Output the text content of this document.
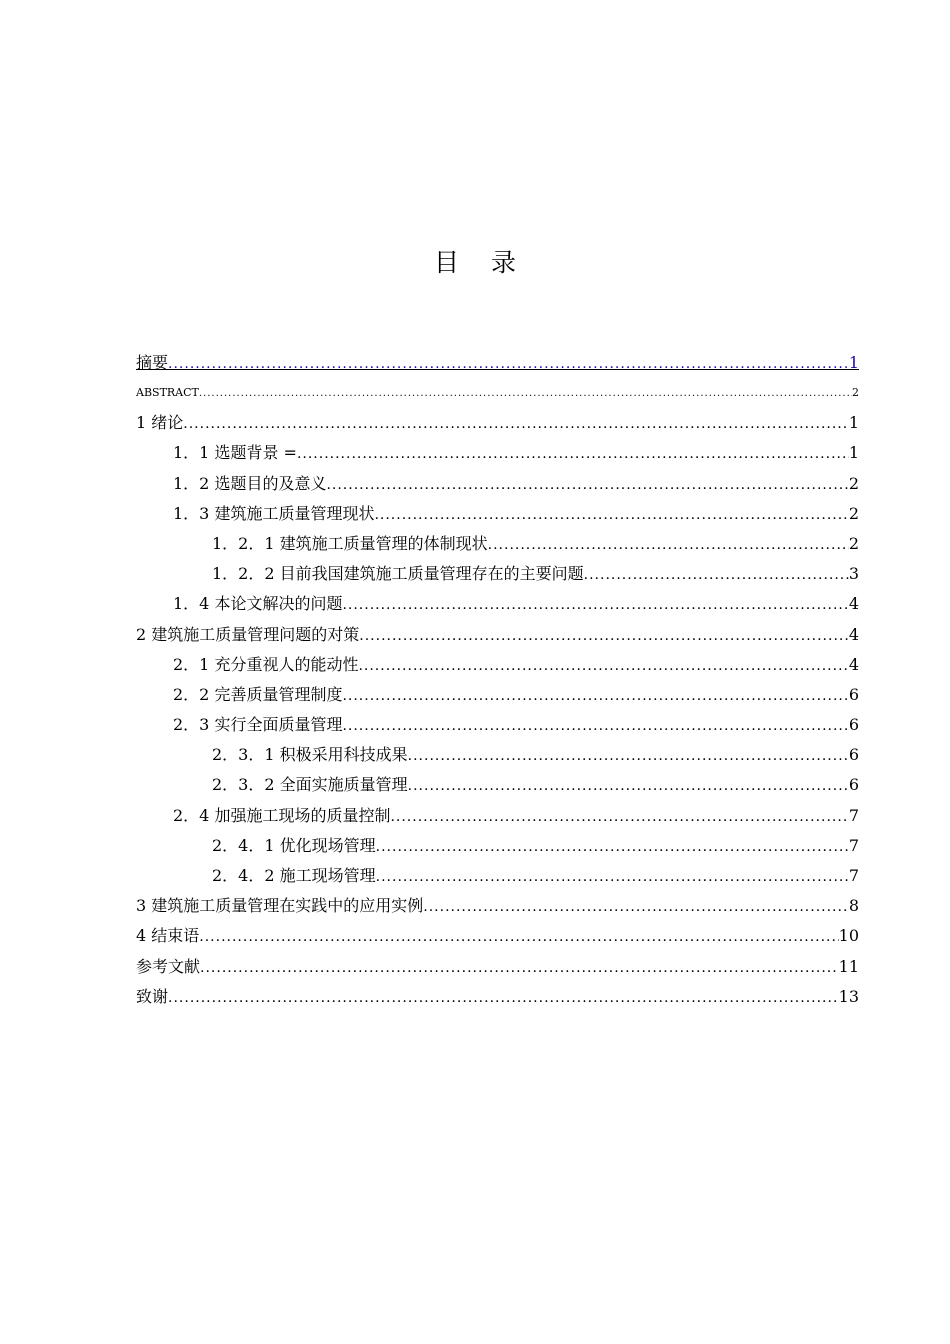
目 录
摘要 .....	1
ABSTRACT .....	2
1 绪论 .....	1
1．1 选题背景 = .....	1
1．2 选题目的及意义 .....	2
1．3 建筑施工质量管理现状 .....	2
1．2．1 建筑施工质量管理的体制现状 .....	2
1．2．2 目前我国建筑施工质量管理存在的主要问题 .....	3
1．4 本论文解决的问题 .....	4
2 建筑施工质量管理问题的对策 .....	4
2．1 充分重视人的能动性 .....	4
2．2 完善质量管理制度 .....	6
2．3 实行全面质量管理 .....	6
2．3．1 积极采用科技成果 .....	6
2．3．2 全面实施质量管理 .....	6
2．4 加强施工现场的质量控制 .....	7
2．4．1 优化现场管理 .....	7
2．4．2 施工现场管理 .....	7
3 建筑施工质量管理在实践中的应用实例 .....	8
4 结束语 .....	10
参考文献 .....	11
致谢 .....	13
